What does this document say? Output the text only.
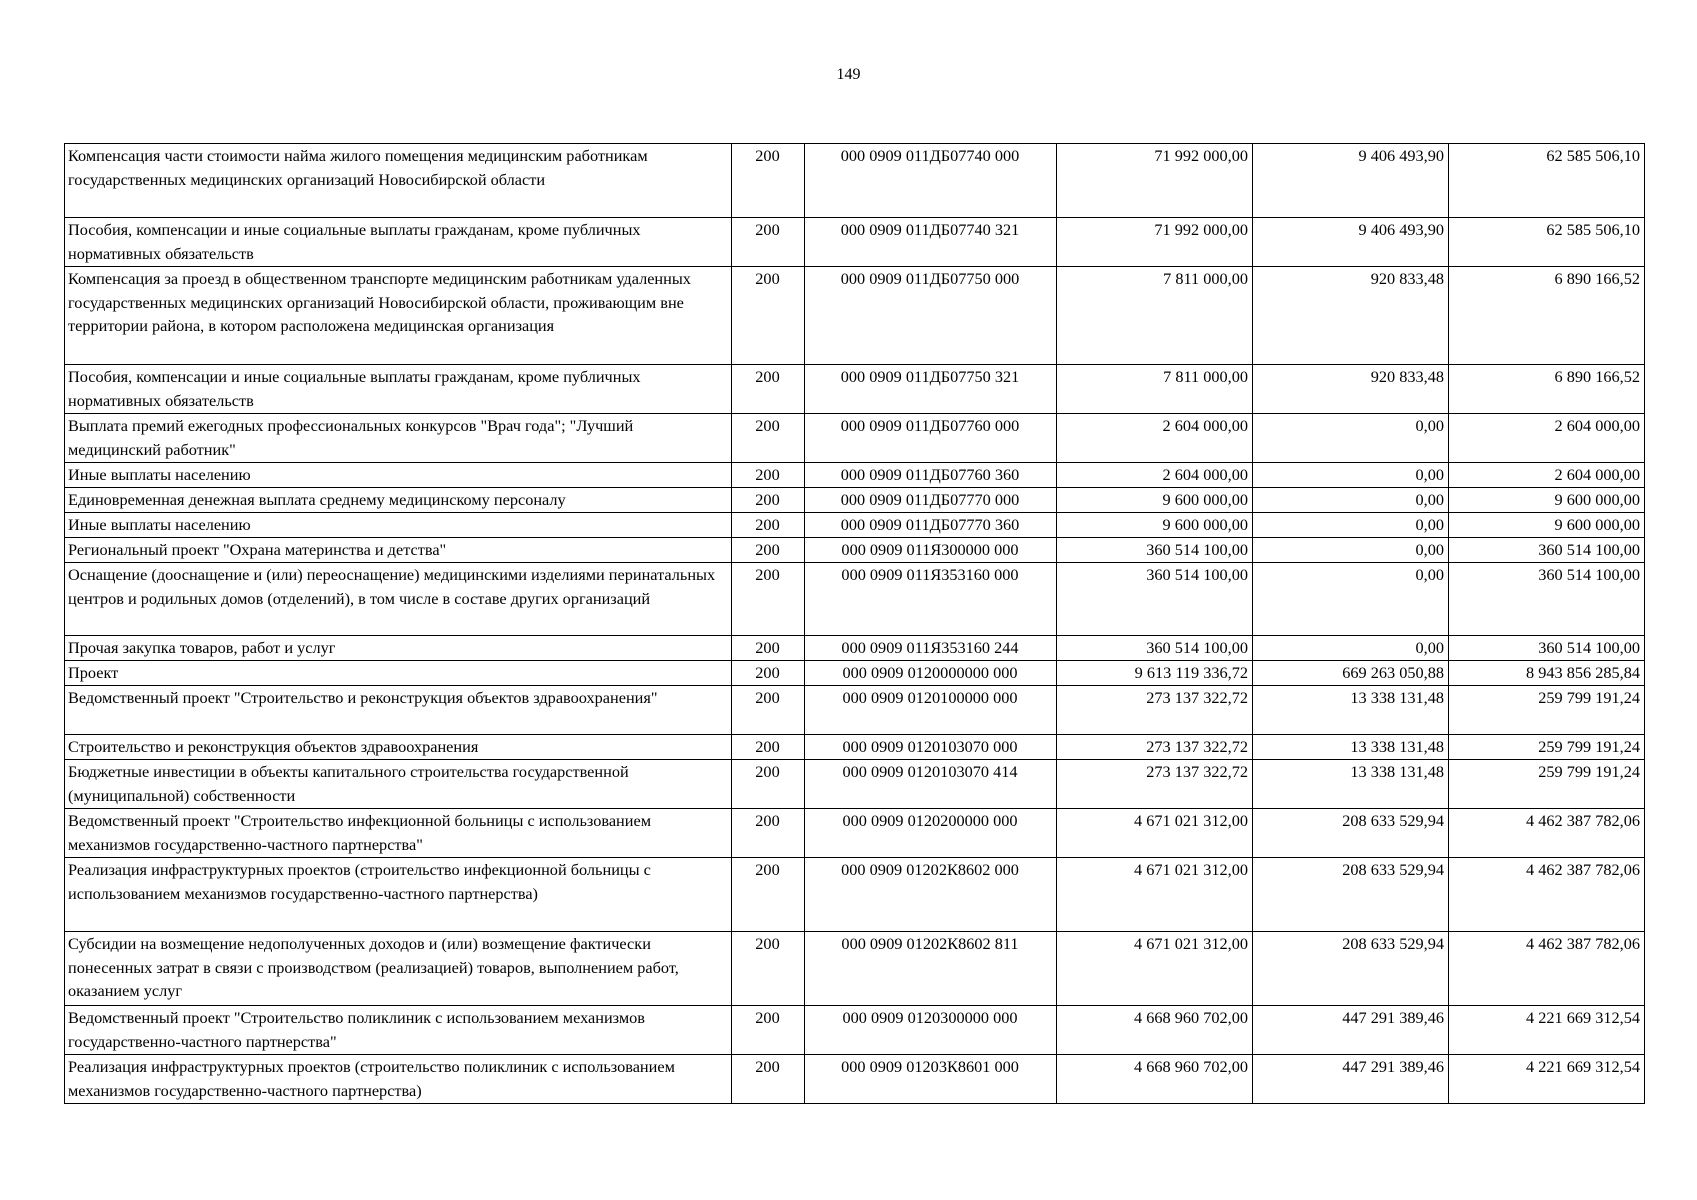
149
Компенсация части стоимости найма жилого помещения медицинским работникам государственных медицинских организаций Новосибирской области	200	000 0909 011ДБ07740 000	71 992 000,00	9 406 493,90	62 585 506,10
Пособия, компенсации и иные социальные выплаты гражданам, кроме публичных нормативных обязательств	200	000 0909 011ДБ07740 321	71 992 000,00	9 406 493,90	62 585 506,10
Компенсация за проезд в общественном транспорте медицинским работникам удаленных государственных медицинских организаций Новосибирской области, проживающим вне территории района, в котором расположена медицинская организация	200	000 0909 011ДБ07750 000	7 811 000,00	920 833,48	6 890 166,52
Пособия, компенсации и иные социальные выплаты гражданам, кроме публичных нормативных обязательств	200	000 0909 011ДБ07750 321	7 811 000,00	920 833,48	6 890 166,52
Выплата премий ежегодных профессиональных конкурсов "Врач года"; "Лучший медицинский работник"	200	000 0909 011ДБ07760 000	2 604 000,00	0,00	2 604 000,00
Иные выплаты населению	200	000 0909 011ДБ07760 360	2 604 000,00	0,00	2 604 000,00
Единовременная денежная выплата среднему медицинскому персоналу	200	000 0909 011ДБ07770 000	9 600 000,00	0,00	9 600 000,00
Иные выплаты населению	200	000 0909 011ДБ07770 360	9 600 000,00	0,00	9 600 000,00
Региональный проект "Охрана материнства и детства"	200	000 0909 011Я300000 000	360 514 100,00	0,00	360 514 100,00
Оснащение (дооснащение и (или) переоснащение) медицинскими изделиями перинатальных центров и родильных домов (отделений), в том числе в составе других организаций	200	000 0909 011Я353160 000	360 514 100,00	0,00	360 514 100,00
Прочая закупка товаров, работ и услуг	200	000 0909 011Я353160 244	360 514 100,00	0,00	360 514 100,00
Проект	200	000 0909 0120000000 000	9 613 119 336,72	669 263 050,88	8 943 856 285,84
Ведомственный проект "Строительство и реконструкция объектов здравоохранения"	200	000 0909 0120100000 000	273 137 322,72	13 338 131,48	259 799 191,24
Строительство и реконструкция объектов здравоохранения	200	000 0909 0120103070 000	273 137 322,72	13 338 131,48	259 799 191,24
Бюджетные инвестиции в объекты капитального строительства государственной (муниципальной) собственности	200	000 0909 0120103070 414	273 137 322,72	13 338 131,48	259 799 191,24
Ведомственный проект "Строительство инфекционной больницы с использованием механизмов государственно-частного партнерства"	200	000 0909 0120200000 000	4 671 021 312,00	208 633 529,94	4 462 387 782,06
Реализация инфраструктурных проектов (строительство инфекционной больницы с использованием механизмов государственно-частного партнерства)	200	000 0909 01202К8602 000	4 671 021 312,00	208 633 529,94	4 462 387 782,06
Субсидии на возмещение недополученных доходов и (или) возмещение фактически понесенных затрат в связи с производством (реализацией) товаров, выполнением работ, оказанием услуг	200	000 0909 01202К8602 811	4 671 021 312,00	208 633 529,94	4 462 387 782,06
Ведомственный проект "Строительство поликлиник с использованием механизмов государственно-частного партнерства"	200	000 0909 0120300000 000	4 668 960 702,00	447 291 389,46	4 221 669 312,54
Реализация инфраструктурных проектов (строительство поликлиник с использованием механизмов государственно-частного партнерства)	200	000 0909 01203К8601 000	4 668 960 702,00	447 291 389,46	4 221 669 312,54
